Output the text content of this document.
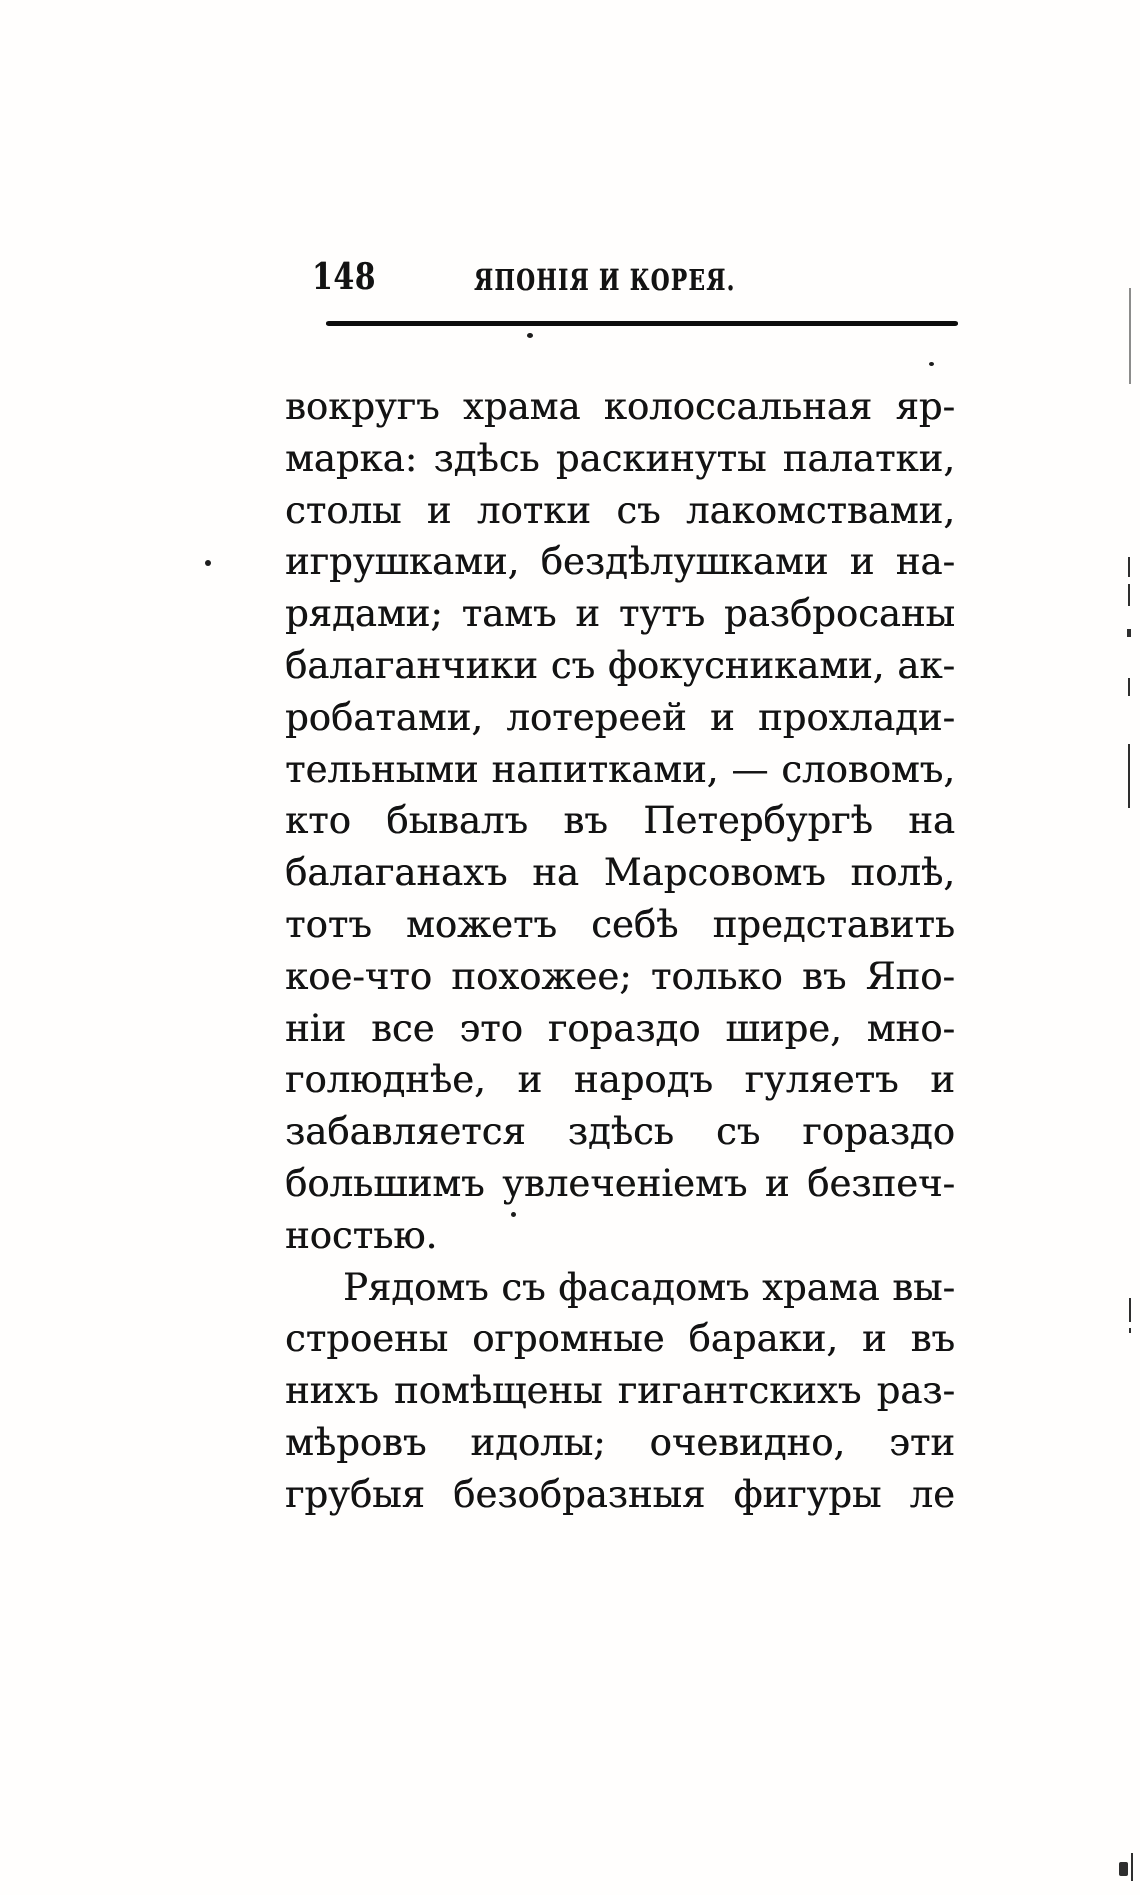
148	ЯПОНІЯ И КОРЕЯ.
вокругъ храма колоссальная яр-
марка: здѣсь раскинуты палатки,
столы и лотки съ лакомствами,
игрушками, бездѣлушками и на-
рядами; тамъ и тутъ разбросаны
балаганчики съ фокусниками, ак-
робатами, лотереей и прохлади-
тельными напитками, — словомъ,
кто бывалъ въ Петербургѣ на
балаганахъ на Марсовомъ полѣ,
тотъ можетъ себѣ представить
кое-что похожее; только въ Япо-
ніи все это гораздо шире, мно-
голюднѣе, и народъ гуляетъ и
забавляется здѣсь съ гораздо
большимъ увлеченіемъ и безпеч-
ностью.
Рядомъ съ фасадомъ храма вы-
строены огромные бараки, и въ
нихъ помѣщены гигантскихъ раз-
мѣровъ идолы; очевидно, эти
грубыя безобразныя фигуры ле
